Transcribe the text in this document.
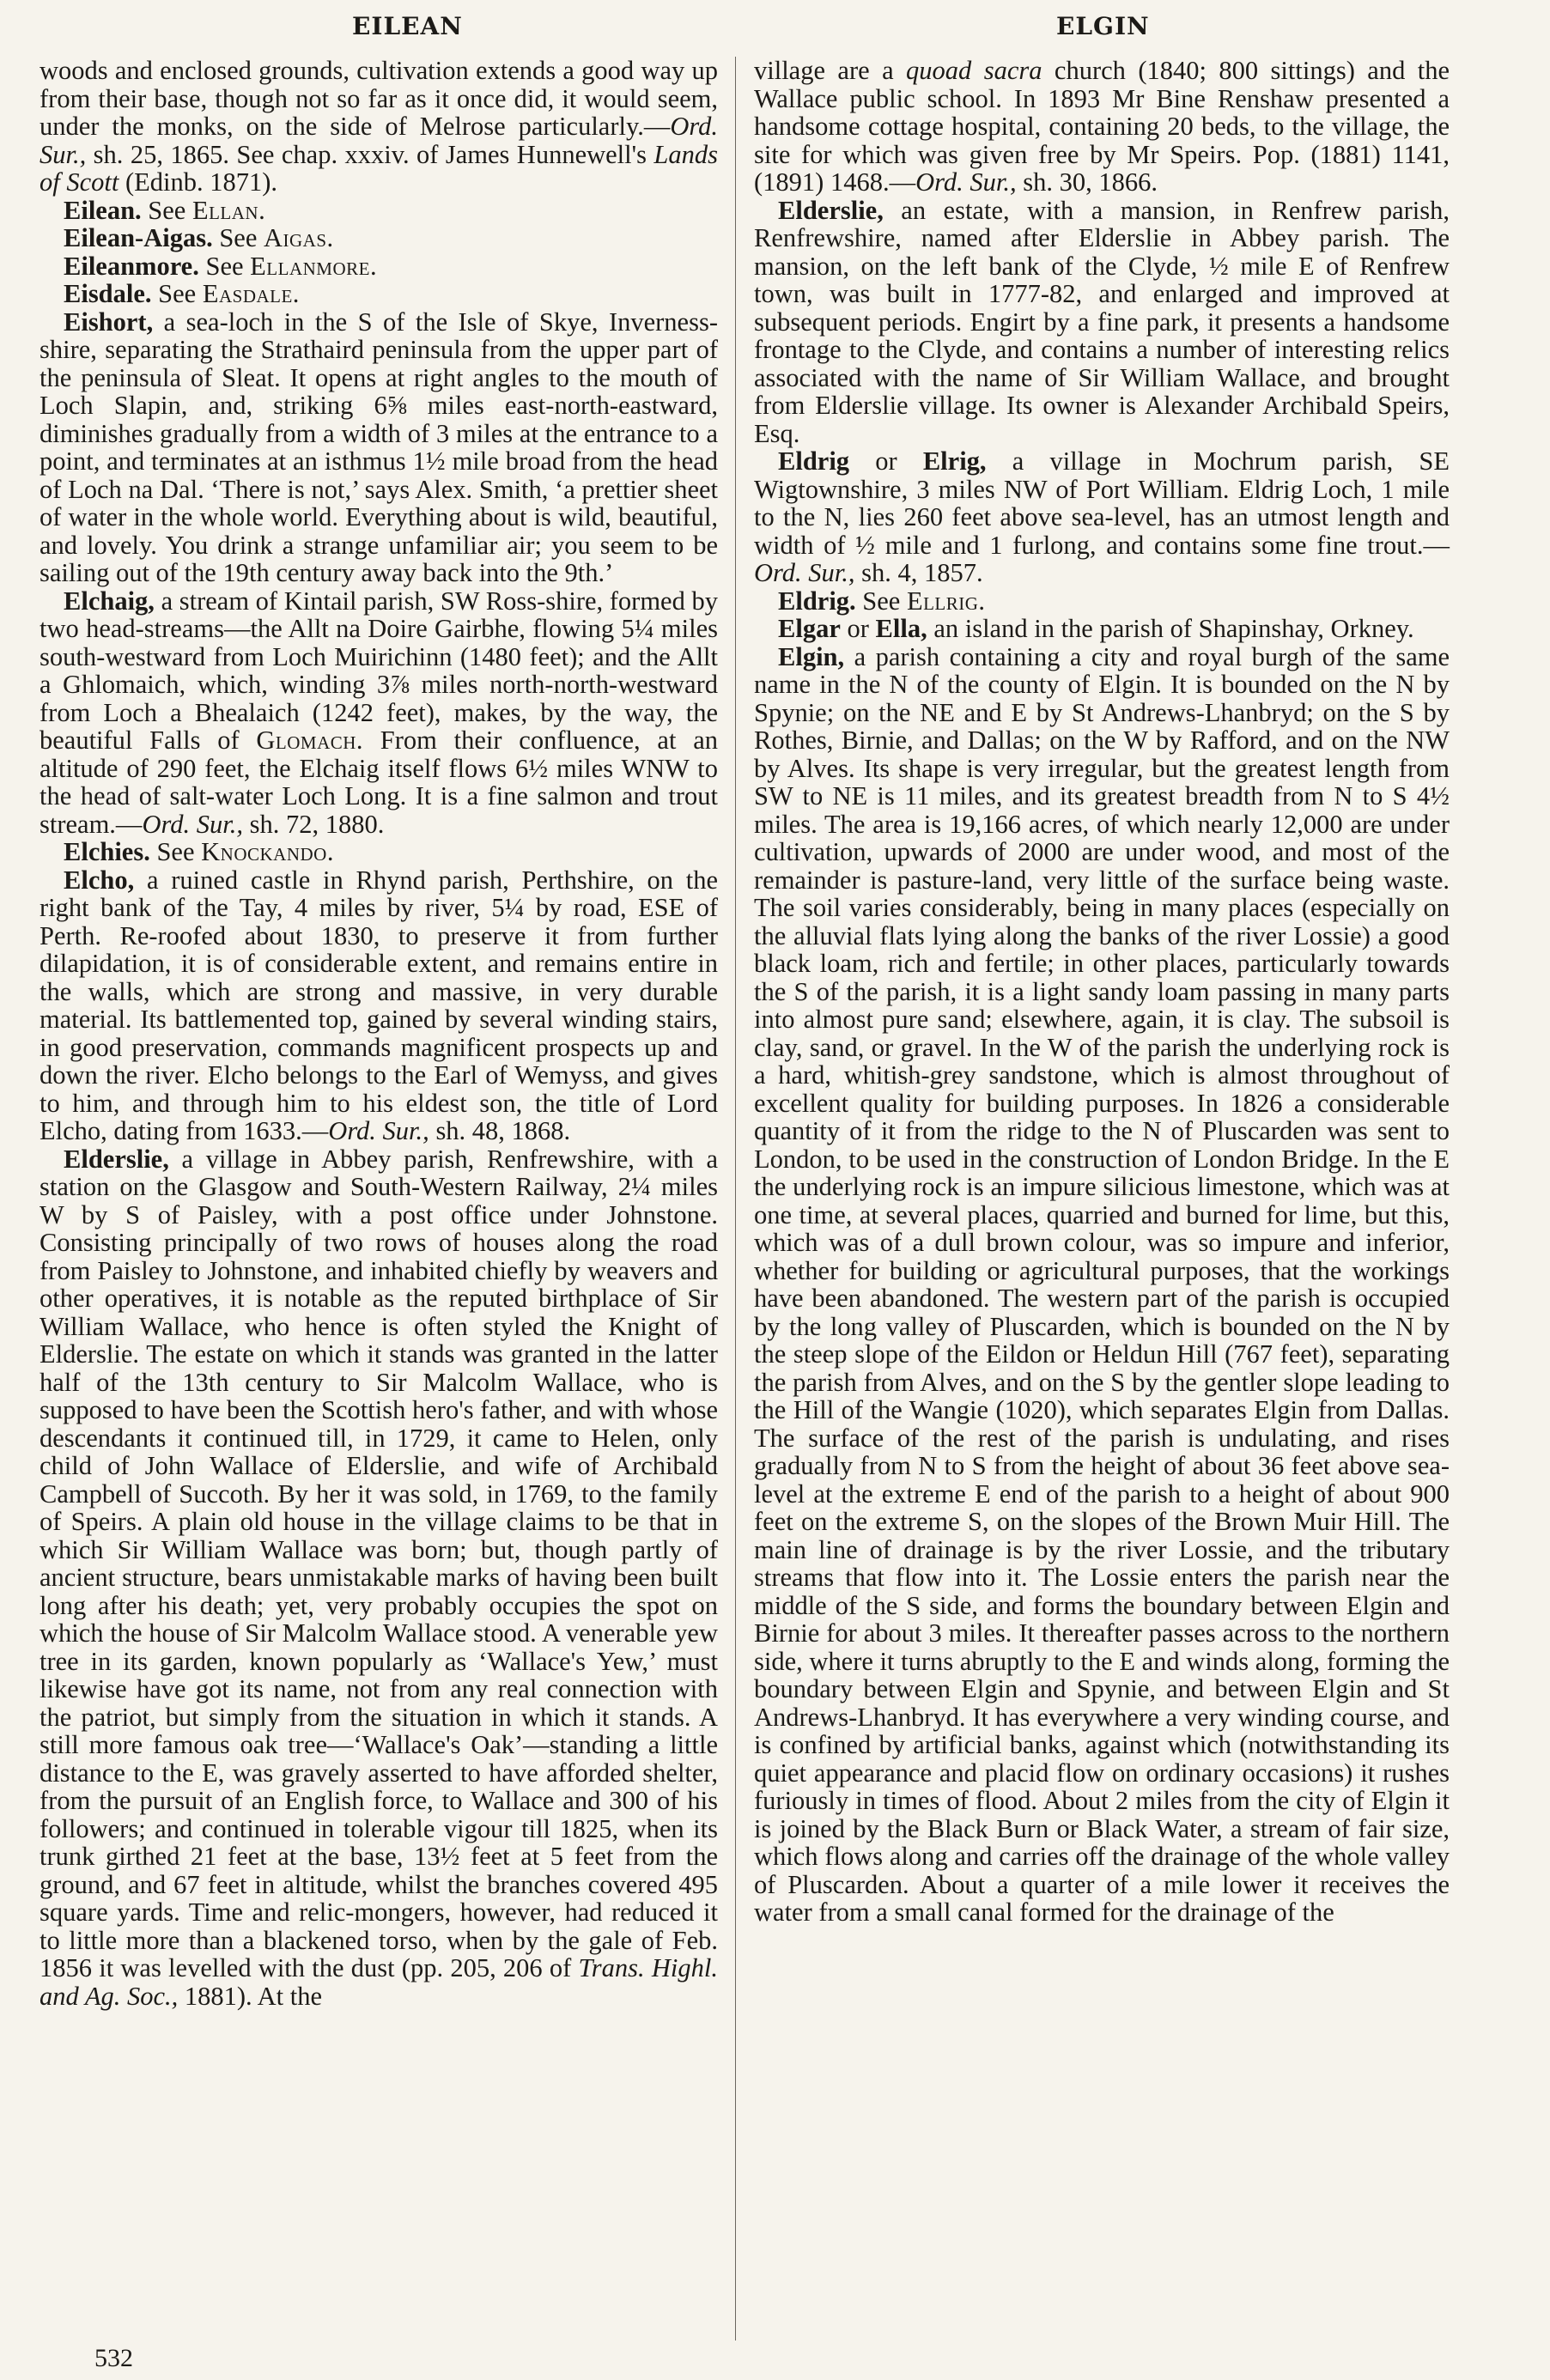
EILEAN	ELGIN

woods and enclosed grounds, cultivation extends a good way up from their base, though not so far as it once did, it would seem, under the monks, on the side of Melrose particularly.—Ord. Sur., sh. 25, 1865. See chap. xxxiv. of James Hunnewell's Lands of Scott (Edinb. 1871).

Eilean. See Ellan.

Eilean-Aigas. See Aigas.

Eileanmore. See Ellanmore.

Eisdale. See Easdale.

Eishort, a sea-loch in the S of the Isle of Skye, Inverness-shire, separating the Strathaird peninsula from the upper part of the peninsula of Sleat. It opens at right angles to the mouth of Loch Slapin, and, striking 6⅝ miles east-north-eastward, diminishes gradually from a width of 3 miles at the entrance to a point, and terminates at an isthmus 1½ mile broad from the head of Loch na Dal. ‘There is not,’ says Alex. Smith, ‘a prettier sheet of water in the whole world. Everything about is wild, beautiful, and lovely. You drink a strange unfamiliar air; you seem to be sailing out of the 19th century away back into the 9th.’

Elchaig, a stream of Kintail parish, SW Ross-shire, formed by two head-streams—the Allt na Doire Gairbhe, flowing 5¼ miles south-westward from Loch Muirichinn (1480 feet); and the Allt a Ghlomaich, which, winding 3⅞ miles north-north-westward from Loch a Bhealaich (1242 feet), makes, by the way, the beautiful Falls of Glomach. From their confluence, at an altitude of 290 feet, the Elchaig itself flows 6½ miles WNW to the head of salt-water Loch Long. It is a fine salmon and trout stream.—Ord. Sur., sh. 72, 1880.

Elchies. See Knockando.

Elcho, a ruined castle in Rhynd parish, Perthshire, on the right bank of the Tay, 4 miles by river, 5¼ by road, ESE of Perth. Re-roofed about 1830, to preserve it from further dilapidation, it is of considerable extent, and remains entire in the walls, which are strong and massive, in very durable material. Its battlemented top, gained by several winding stairs, in good preservation, commands magnificent prospects up and down the river. Elcho belongs to the Earl of Wemyss, and gives to him, and through him to his eldest son, the title of Lord Elcho, dating from 1633.—Ord. Sur., sh. 48, 1868.

Elderslie, a village in Abbey parish, Renfrewshire, with a station on the Glasgow and South-Western Railway, 2¼ miles W by S of Paisley, with a post office under Johnstone. Consisting principally of two rows of houses along the road from Paisley to Johnstone, and inhabited chiefly by weavers and other operatives, it is notable as the reputed birthplace of Sir William Wallace, who hence is often styled the Knight of Elderslie. The estate on which it stands was granted in the latter half of the 13th century to Sir Malcolm Wallace, who is supposed to have been the Scottish hero's father, and with whose descendants it continued till, in 1729, it came to Helen, only child of John Wallace of Elderslie, and wife of Archibald Campbell of Succoth. By her it was sold, in 1769, to the family of Speirs. A plain old house in the village claims to be that in which Sir William Wallace was born; but, though partly of ancient structure, bears unmistakable marks of having been built long after his death; yet, very probably occupies the spot on which the house of Sir Malcolm Wallace stood. A venerable yew tree in its garden, known popularly as ‘Wallace's Yew,’ must likewise have got its name, not from any real connection with the patriot, but simply from the situation in which it stands. A still more famous oak tree—‘Wallace's Oak’—standing a little distance to the E, was gravely asserted to have afforded shelter, from the pursuit of an English force, to Wallace and 300 of his followers; and continued in tolerable vigour till 1825, when its trunk girthed 21 feet at the base, 13½ feet at 5 feet from the ground, and 67 feet in altitude, whilst the branches covered 495 square yards. Time and relic-mongers, however, had reduced it to little more than a blackened torso, when by the gale of Feb. 1856 it was levelled with the dust (pp. 205, 206 of Trans. Highl. and Ag. Soc., 1881). At the

village are a quoad sacra church (1840; 800 sittings) and the Wallace public school. In 1893 Mr Bine Renshaw presented a handsome cottage hospital, containing 20 beds, to the village, the site for which was given free by Mr Speirs. Pop. (1881) 1141, (1891) 1468.—Ord. Sur., sh. 30, 1866.

Elderslie, an estate, with a mansion, in Renfrew parish, Renfrewshire, named after Elderslie in Abbey parish. The mansion, on the left bank of the Clyde, ½ mile E of Renfrew town, was built in 1777-82, and enlarged and improved at subsequent periods. Engirt by a fine park, it presents a handsome frontage to the Clyde, and contains a number of interesting relics associated with the name of Sir William Wallace, and brought from Elderslie village. Its owner is Alexander Archibald Speirs, Esq.

Eldrig or Elrig, a village in Mochrum parish, SE Wigtownshire, 3 miles NW of Port William. Eldrig Loch, 1 mile to the N, lies 260 feet above sea-level, has an utmost length and width of ½ mile and 1 furlong, and contains some fine trout.—Ord. Sur., sh. 4, 1857.

Eldrig. See Ellrig.

Elgar or Ella, an island in the parish of Shapinshay, Orkney.

Elgin, a parish containing a city and royal burgh of the same name in the N of the county of Elgin. It is bounded on the N by Spynie; on the NE and E by St Andrews-Lhanbryd; on the S by Rothes, Birnie, and Dallas; on the W by Rafford, and on the NW by Alves. Its shape is very irregular, but the greatest length from SW to NE is 11 miles, and its greatest breadth from N to S 4½ miles. The area is 19,166 acres, of which nearly 12,000 are under cultivation, upwards of 2000 are under wood, and most of the remainder is pasture-land, very little of the surface being waste. The soil varies considerably, being in many places (especially on the alluvial flats lying along the banks of the river Lossie) a good black loam, rich and fertile; in other places, particularly towards the S of the parish, it is a light sandy loam passing in many parts into almost pure sand; elsewhere, again, it is clay. The subsoil is clay, sand, or gravel. In the W of the parish the underlying rock is a hard, whitish-grey sandstone, which is almost throughout of excellent quality for building purposes. In 1826 a considerable quantity of it from the ridge to the N of Pluscarden was sent to London, to be used in the construction of London Bridge. In the E the underlying rock is an impure silicious limestone, which was at one time, at several places, quarried and burned for lime, but this, which was of a dull brown colour, was so impure and inferior, whether for building or agricultural purposes, that the workings have been abandoned. The western part of the parish is occupied by the long valley of Pluscarden, which is bounded on the N by the steep slope of the Eildon or Heldun Hill (767 feet), separating the parish from Alves, and on the S by the gentler slope leading to the Hill of the Wangie (1020), which separates Elgin from Dallas. The surface of the rest of the parish is undulating, and rises gradually from N to S from the height of about 36 feet above sea-level at the extreme E end of the parish to a height of about 900 feet on the extreme S, on the slopes of the Brown Muir Hill. The main line of drainage is by the river Lossie, and the tributary streams that flow into it. The Lossie enters the parish near the middle of the S side, and forms the boundary between Elgin and Birnie for about 3 miles. It thereafter passes across to the northern side, where it turns abruptly to the E and winds along, forming the boundary between Elgin and Spynie, and between Elgin and St Andrews-Lhanbryd. It has everywhere a very winding course, and is confined by artificial banks, against which (notwithstanding its quiet appearance and placid flow on ordinary occasions) it rushes furiously in times of flood. About 2 miles from the city of Elgin it is joined by the Black Burn or Black Water, a stream of fair size, which flows along and carries off the drainage of the whole valley of Pluscarden. About a quarter of a mile lower it receives the water from a small canal formed for the drainage of the

532
